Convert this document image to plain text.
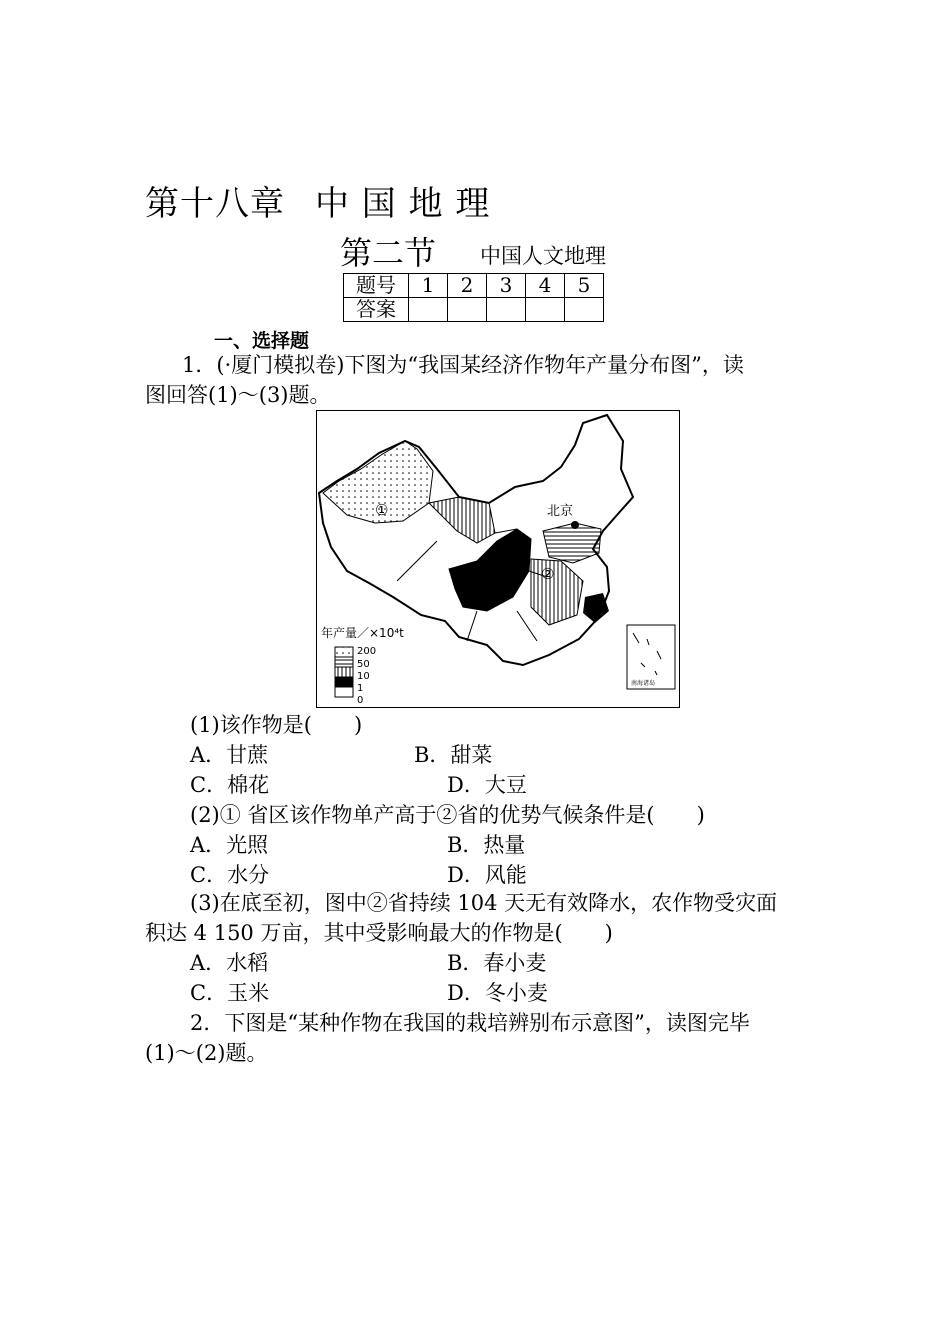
第十八章 中 国 地 理
第二节 中国人文地理
题号	1	2	3	4	5
答案					
一、选择题
1．(·厦门模拟卷)下图为“我国某经济作物年产量分布图”，读
图回答(1)～(3)题。
①
②
北京
年产量／×10⁴t
200
50
10
1
0
南海诸岛
(1)该作物是(　　)
A．甘蔗	B．甜菜
C．棉花	D．大豆
(2)① 省区该作物单产高于②省的优势气候条件是(　　)
A．光照	B．热量
C．水分	D．风能
(3)在底至初，图中②省持续 104 天无有效降水，农作物受灾面
积达 4 150 万亩，其中受影响最大的作物是(　　)
A．水稻	B．春小麦
C．玉米	D．冬小麦
2．下图是“某种作物在我国的栽培辨别布示意图”，读图完毕
(1)～(2)题。
